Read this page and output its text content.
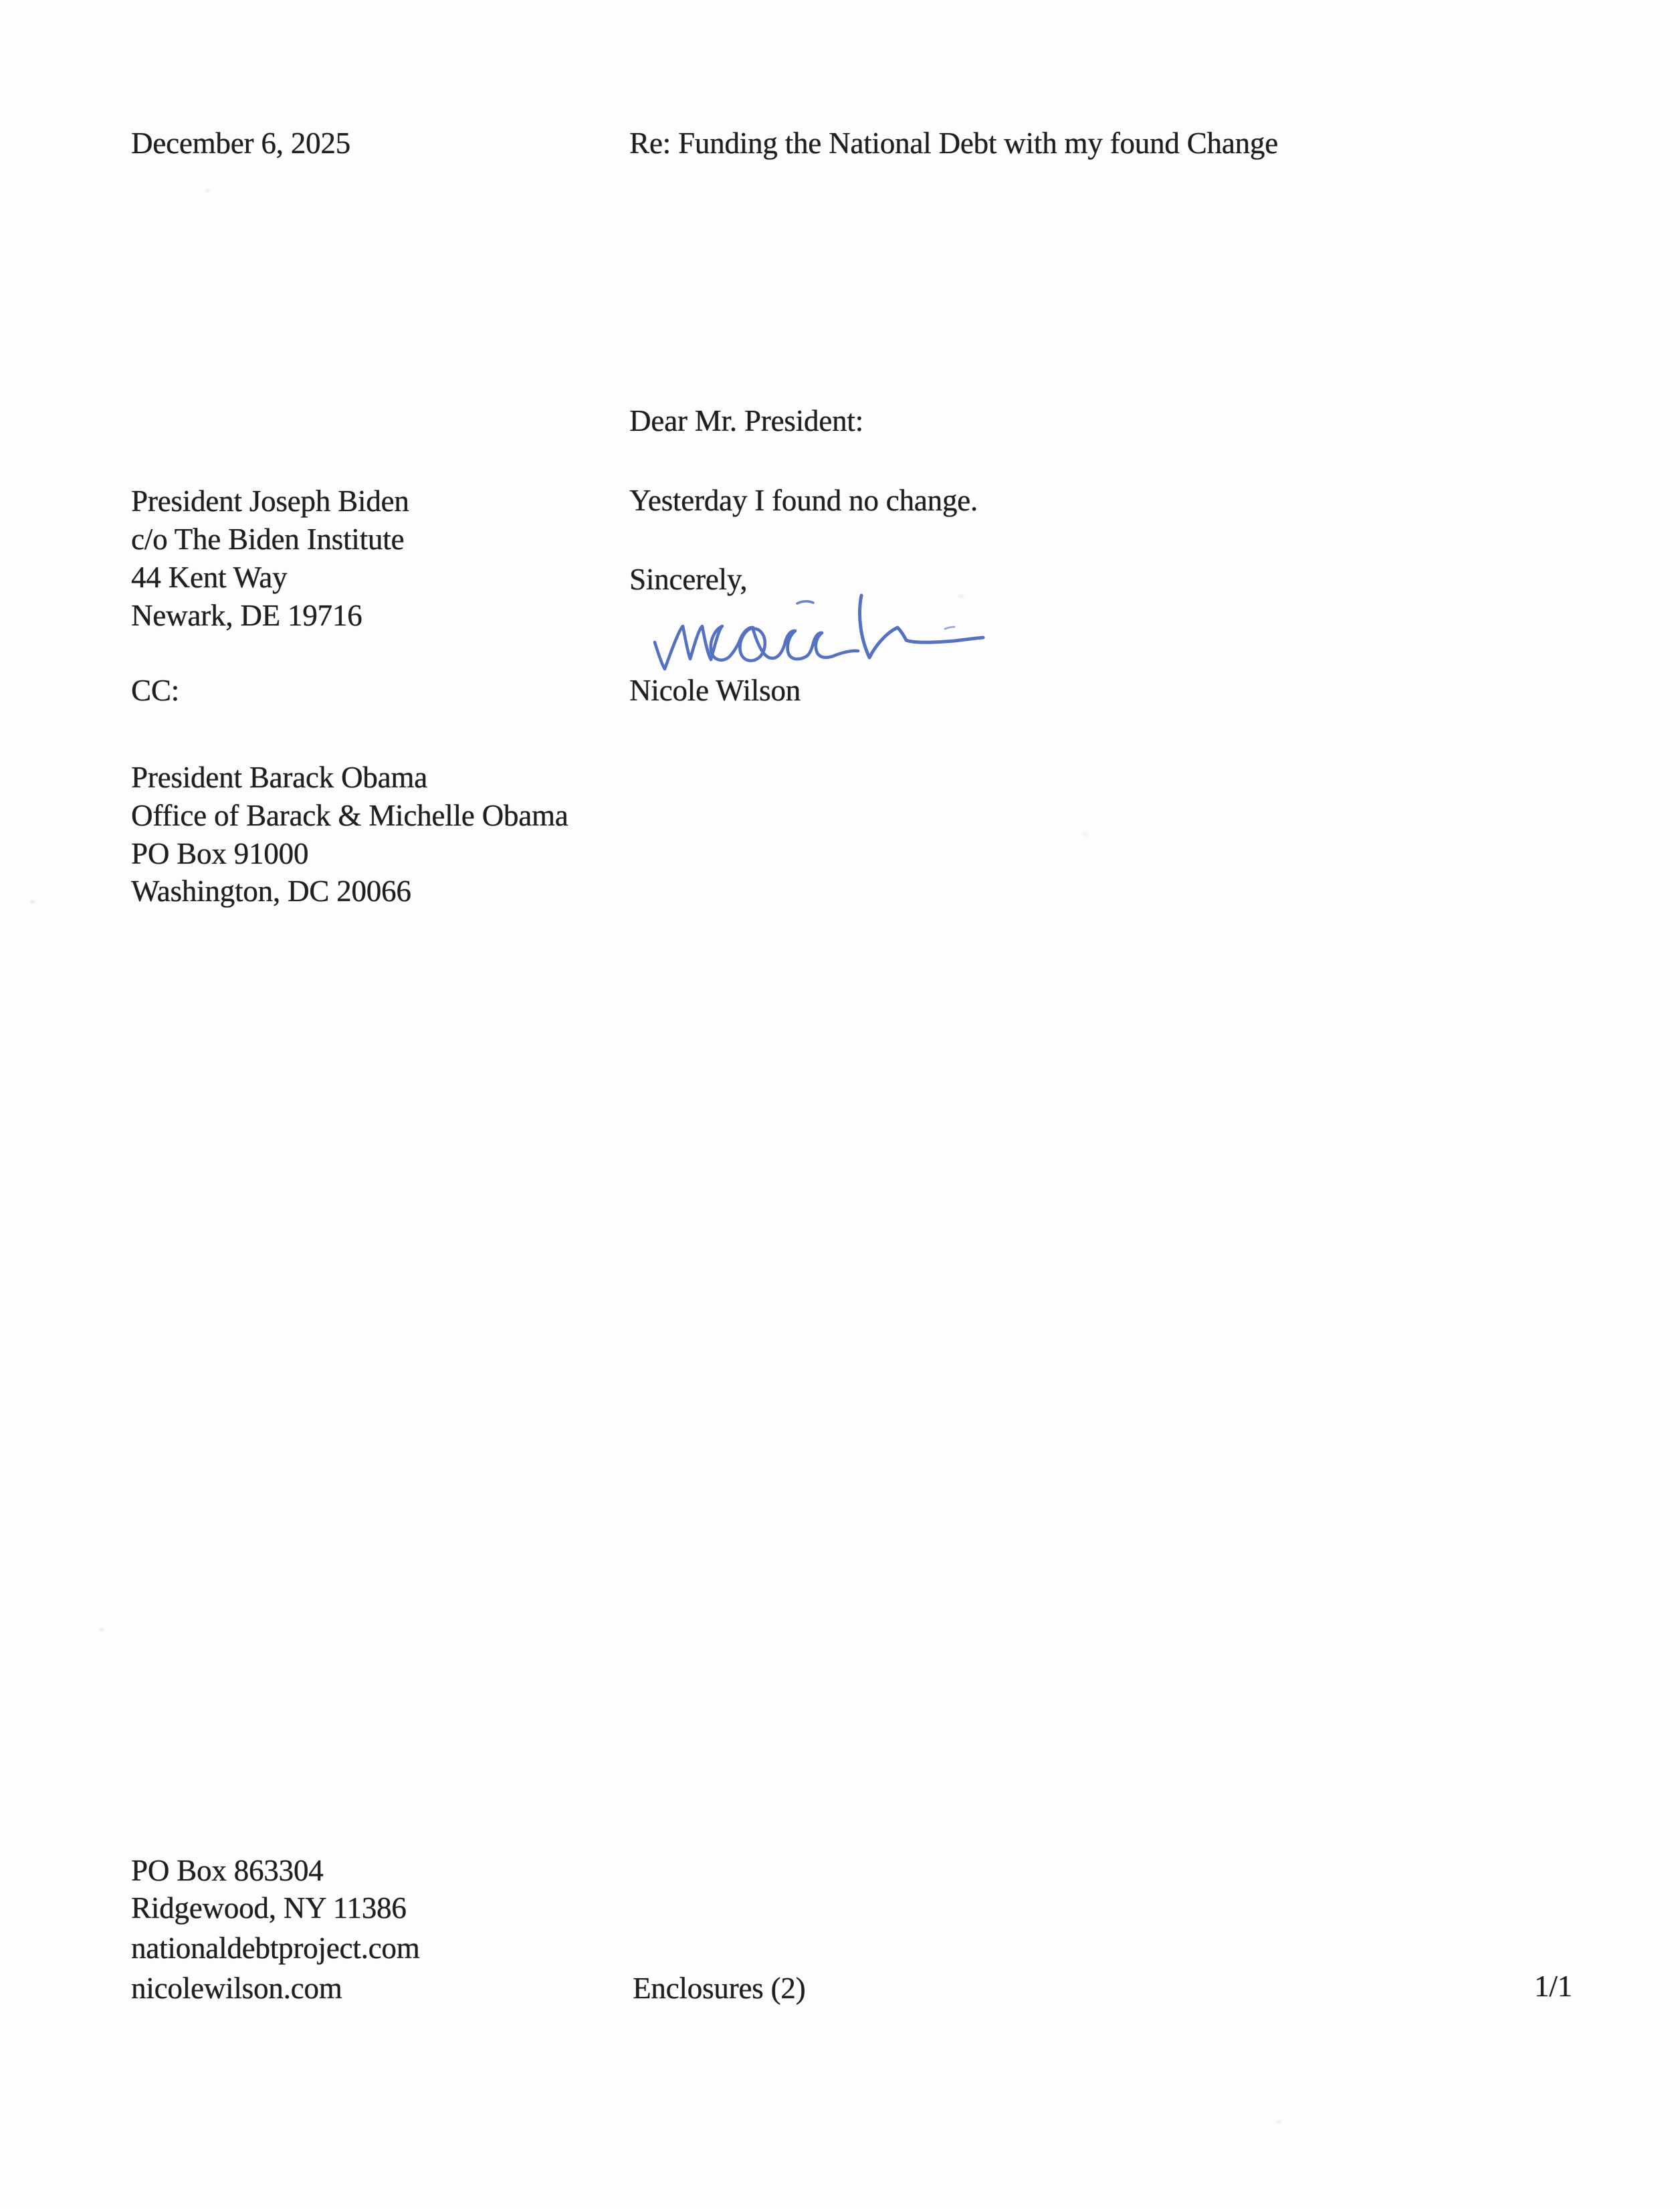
December 6, 2025	Re: Funding the National Debt with my found Change
Dear Mr. President:
President Joseph Biden
c/o The Biden Institute
44 Kent Way
Newark, DE 19716
Yesterday I found no change.
Sincerely,
CC:	Nicole Wilson
President Barack Obama
Office of Barack & Michelle Obama
PO Box 91000
Washington, DC 20066
PO Box 863304
Ridgewood, NY 11386
nationaldebtproject.com
nicolewilson.com	Enclosures (2)	1/1
